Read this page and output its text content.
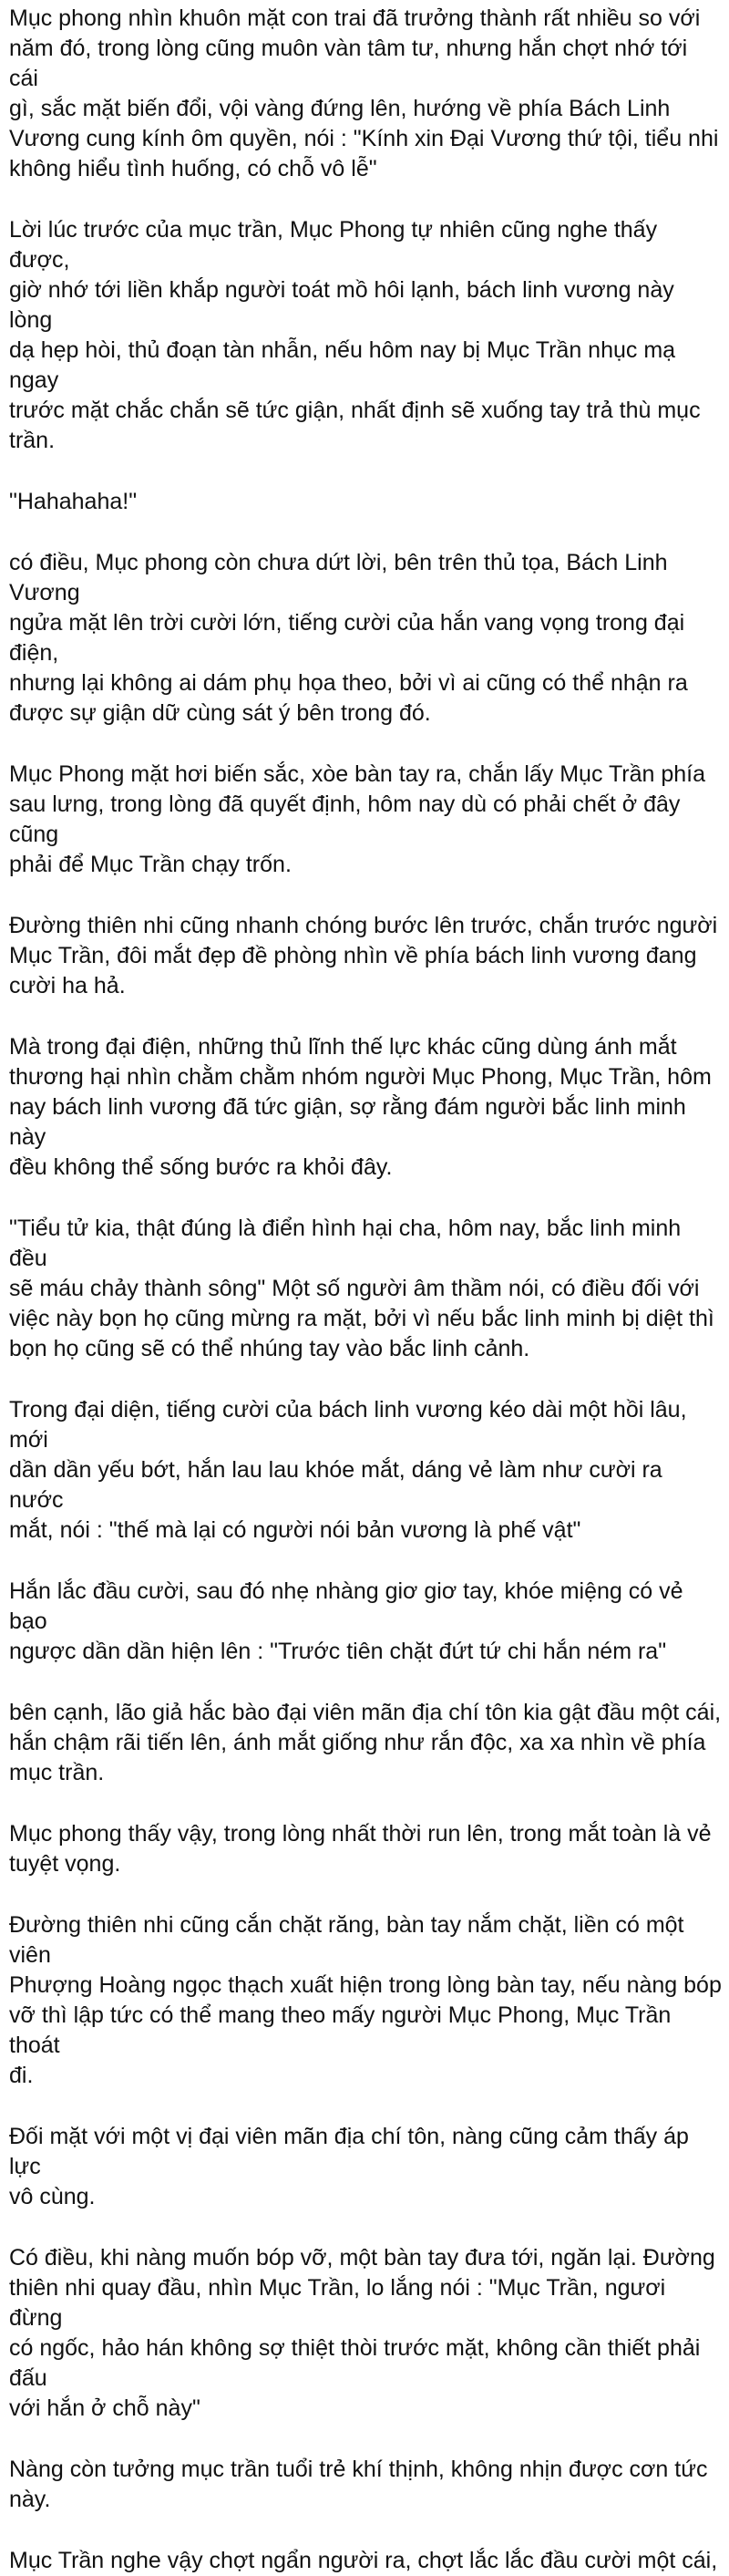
Mục phong nhìn khuôn mặt con trai đã trưởng thành rất nhiều so với
năm đó, trong lòng cũng muôn vàn tâm tư, nhưng hắn chợt nhớ tới cái
gì, sắc mặt biến đổi, vội vàng đứng lên, hướng về phía Bách Linh
Vương cung kính ôm quyền, nói : "Kính xin Đại Vương thứ tội, tiểu nhi
không hiểu tình huống, có chỗ vô lễ"

Lời lúc trước của mục trần, Mục Phong tự nhiên cũng nghe thấy được,
giờ nhớ tới liền khắp người toát mồ hôi lạnh, bách linh vương này lòng
dạ hẹp hòi, thủ đoạn tàn nhẫn, nếu hôm nay bị Mục Trần nhục mạ ngay
trước mặt chắc chắn sẽ tức giận, nhất định sẽ xuống tay trả thù mục
trần.

"Hahahaha!"

có điều, Mục phong còn chưa dứt lời, bên trên thủ tọa, Bách Linh Vương
ngửa mặt lên trời cười lớn, tiếng cười của hắn vang vọng trong đại điện,
nhưng lại không ai dám phụ họa theo, bởi vì ai cũng có thể nhận ra
được sự giận dữ cùng sát ý bên trong đó.

Mục Phong mặt hơi biến sắc, xòe bàn tay ra, chắn lấy Mục Trần phía
sau lưng, trong lòng đã quyết định, hôm nay dù có phải chết ở đây cũng
phải để Mục Trần chạy trốn.

Đường thiên nhi cũng nhanh chóng bước lên trước, chắn trước người
Mục Trần, đôi mắt đẹp đề phòng nhìn về phía bách linh vương đang
cười ha hả.

Mà trong đại điện, những thủ lĩnh thế lực khác cũng dùng ánh mắt
thương hại nhìn chằm chằm nhóm người Mục Phong, Mục Trần, hôm
nay bách linh vương đã tức giận, sợ rằng đám người bắc linh minh này
đều không thể sống bước ra khỏi đây.

"Tiểu tử kia, thật đúng là điển hình hại cha, hôm nay, bắc linh minh đều
sẽ máu chảy thành sông" Một số người âm thầm nói, có điều đối với
việc này bọn họ cũng mừng ra mặt, bởi vì nếu bắc linh minh bị diệt thì
bọn họ cũng sẽ có thể nhúng tay vào bắc linh cảnh.

Trong đại diện, tiếng cười của bách linh vương kéo dài một hồi lâu, mới
dần dần yếu bớt, hắn lau lau khóe mắt, dáng vẻ làm như cười ra nước
mắt, nói : "thế mà lại có người nói bản vương là phế vật"

Hắn lắc đầu cười, sau đó nhẹ nhàng giơ giơ tay, khóe miệng có vẻ bạo
ngược dần dần hiện lên : "Trước tiên chặt đứt tứ chi hắn ném ra"

bên cạnh, lão giả hắc bào đại viên mãn địa chí tôn kia gật đầu một cái,
hắn chậm rãi tiến lên, ánh mắt giống như rắn độc, xa xa nhìn về phía
mục trần.

Mục phong thấy vậy, trong lòng nhất thời run lên, trong mắt toàn là vẻ
tuyệt vọng.

Đường thiên nhi cũng cắn chặt răng, bàn tay nắm chặt, liền có một viên
Phượng Hoàng ngọc thạch xuất hiện trong lòng bàn tay, nếu nàng bóp
vỡ thì lập tức có thể mang theo mấy người Mục Phong, Mục Trần thoát
đi.

Đối mặt với một vị đại viên mãn địa chí tôn, nàng cũng cảm thấy áp lực
vô cùng.

Có điều, khi nàng muốn bóp vỡ, một bàn tay đưa tới, ngăn lại. Đường
thiên nhi quay đầu, nhìn Mục Trần, lo lắng nói : "Mục Trần, ngươi đừng
có ngốc, hảo hán không sợ thiệt thòi trước mặt, không cần thiết phải đấu
với hắn ở chỗ này"

Nàng còn tưởng mục trần tuổi trẻ khí thịnh, không nhịn được cơn tức
này.

Mục Trần nghe vậy chợt ngẩn người ra, chợt lắc lắc đầu cười một cái,
